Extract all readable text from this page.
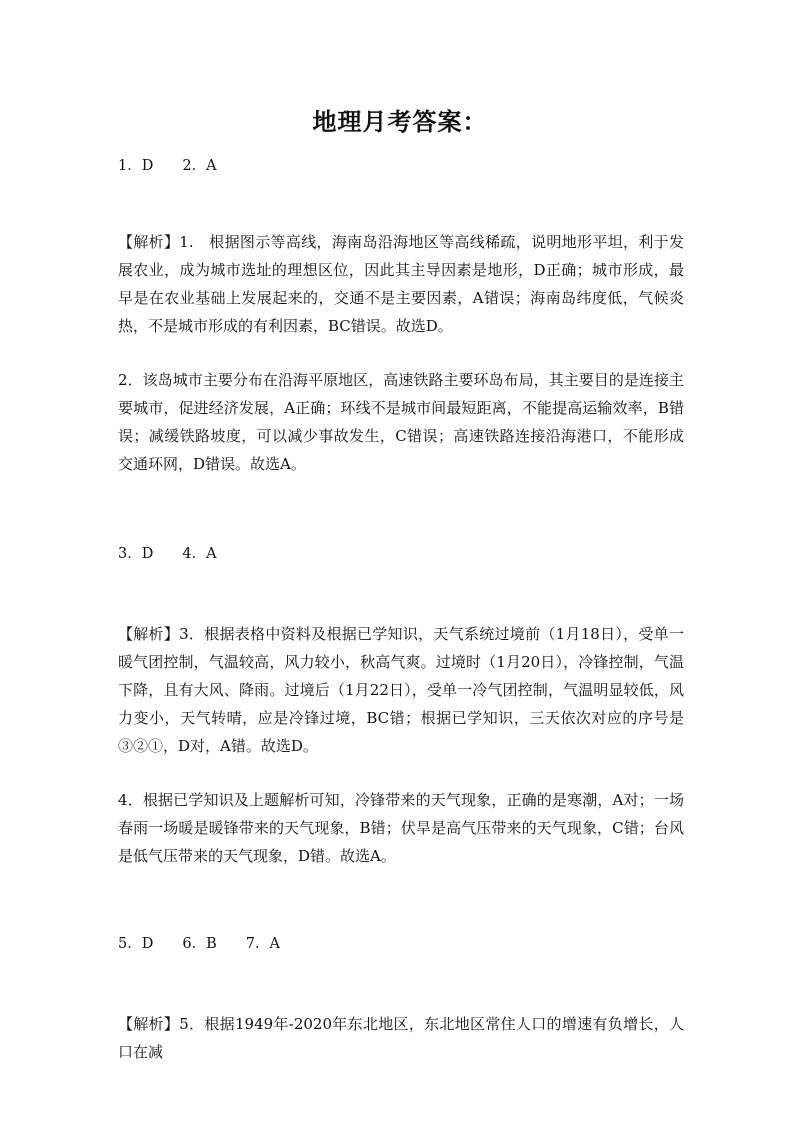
地理月考答案：

1．D　　2．A

【解析】1.　根据图示等高线，海南岛沿海地区等高线稀疏，说明地形平坦，利于发展农业，成为城市选址的理想区位，因此其主导因素是地形，D正确；城市形成，最早是在农业基础上发展起来的，交通不是主要因素，A错误；海南岛纬度低，气候炎热，不是城市形成的有利因素，BC错误。故选D。

2．该岛城市主要分布在沿海平原地区，高速铁路主要环岛布局，其主要目的是连接主要城市，促进经济发展，A正确；环线不是城市间最短距离，不能提高运输效率，B错误；减缓铁路坡度，可以减少事故发生，C错误；高速铁路连接沿海港口，不能形成交通环网，D错误。故选A。

3．D　　4．A

【解析】3．根据表格中资料及根据已学知识，天气系统过境前（1月18日），受单一暖气团控制，气温较高，风力较小，秋高气爽。过境时（1月20日），冷锋控制，气温下降，且有大风、降雨。过境后（1月22日），受单一冷气团控制，气温明显较低，风力变小，天气转晴，应是冷锋过境，BC错；根据已学知识，三天依次对应的序号是③②①，D对，A错。故选D。

4．根据已学知识及上题解析可知，冷锋带来的天气现象，正确的是寒潮，A对；一场春雨一场暖是暖锋带来的天气现象，B错；伏旱是高气压带来的天气现象，C错；台风是低气压带来的天气现象，D错。故选A。

5．D　　6．B　　7．A

【解析】5．根据1949年-2020年东北地区，东北地区常住人口的增速有负增长，人口在减
